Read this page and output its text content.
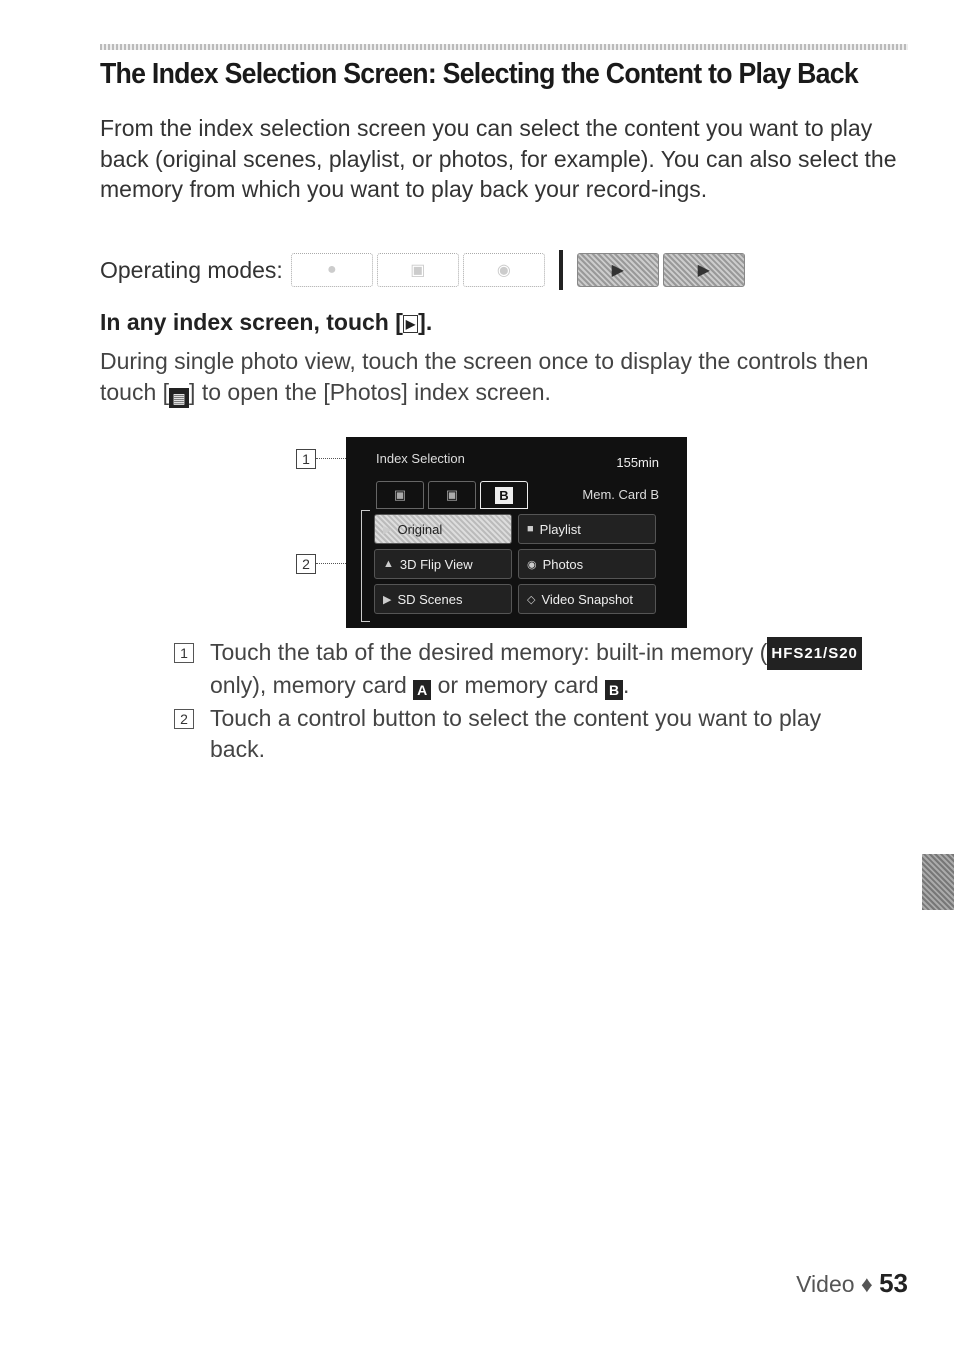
The Index Selection Screen: Selecting the Content to Play Back

From the index selection screen you can select the content you want to play back (original scenes, playlist, or photos, for example). You can also select the memory from which you want to play back your record-ings.

Operating modes:	●	▣	◉	▶	▶

In any index screen, touch [ ▶ ].

During single photo view, touch the screen once to display the controls then touch [ ▦ ] to open the [Photos] index screen.

1
2
Index Selection	155min
▣	▣	B	Mem. Card B
▶ Original	■ Playlist
▲ 3D Flip View	◉ Photos
▶ SD Scenes	◇ Video Snapshot
1 Touch the tab of the desired memory: built-in memory ( HFS21/S20 only), memory card A or memory card B .
2 Touch a control button to select the content you want to play back.
Video ♦ 53
